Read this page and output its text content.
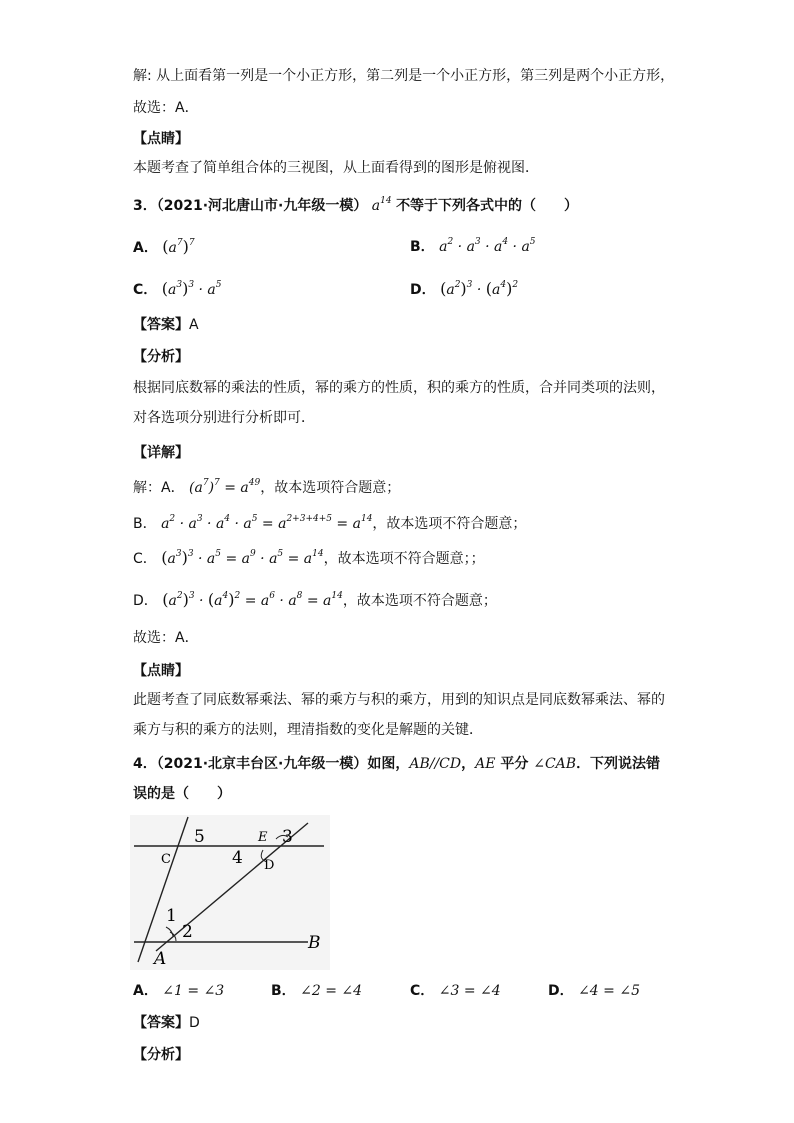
解: 从上面看第一列是一个小正方形，第二列是一个小正方形，第三列是两个小正方形，
故选：A．
【点睛】
本题考查了简单组合体的三视图，从上面看得到的图形是俯视图．
3．（2021·河北唐山市·九年级一模） $a^{14}$ 不等于下列各式中的（　　）
A． $(a^7)^7$	B． $a^2 \cdot a^3 \cdot a^4 \cdot a^5$
C． $(a^3)^3 \cdot a^5$	D． $(a^2)^3 \cdot (a^4)^2$
【答案】A
【分析】
根据同底数幂的乘法的性质，幂的乘方的性质，积的乘方的性质，合并同类项的法则，
对各选项分别进行分析即可．
【详解】
解：A． $(a^7)^7 = a^{49}$，故本选项符合题意；
B． $a^2 \cdot a^3 \cdot a^4 \cdot a^5 = a^{2+3+4+5} = a^{14}$，故本选项不符合题意；
C． $(a^3)^3 \cdot a^5 = a^9 \cdot a^5 = a^{14}$，故本选项不符合题意；；
D． $(a^2)^3 \cdot (a^4)^2 = a^6 \cdot a^8 = a^{14}$，故本选项不符合题意；
故选：A．
【点睛】
此题考查了同底数幂乘法、幂的乘方与积的乘方，用到的知识点是同底数幂乘法、幂的
乘方与积的乘方的法则，理清指数的变化是解题的关键．
4．（2021·北京丰台区·九年级一模）如图，AB//CD，AE 平分 ∠CAB．下列说法错
误的是（　　）
5
4
3
1
2
C	D
E
A
B
A． ∠1 = ∠3	B． ∠2 = ∠4	C． ∠3 = ∠4	D． ∠4 = ∠5
【答案】D
【分析】
